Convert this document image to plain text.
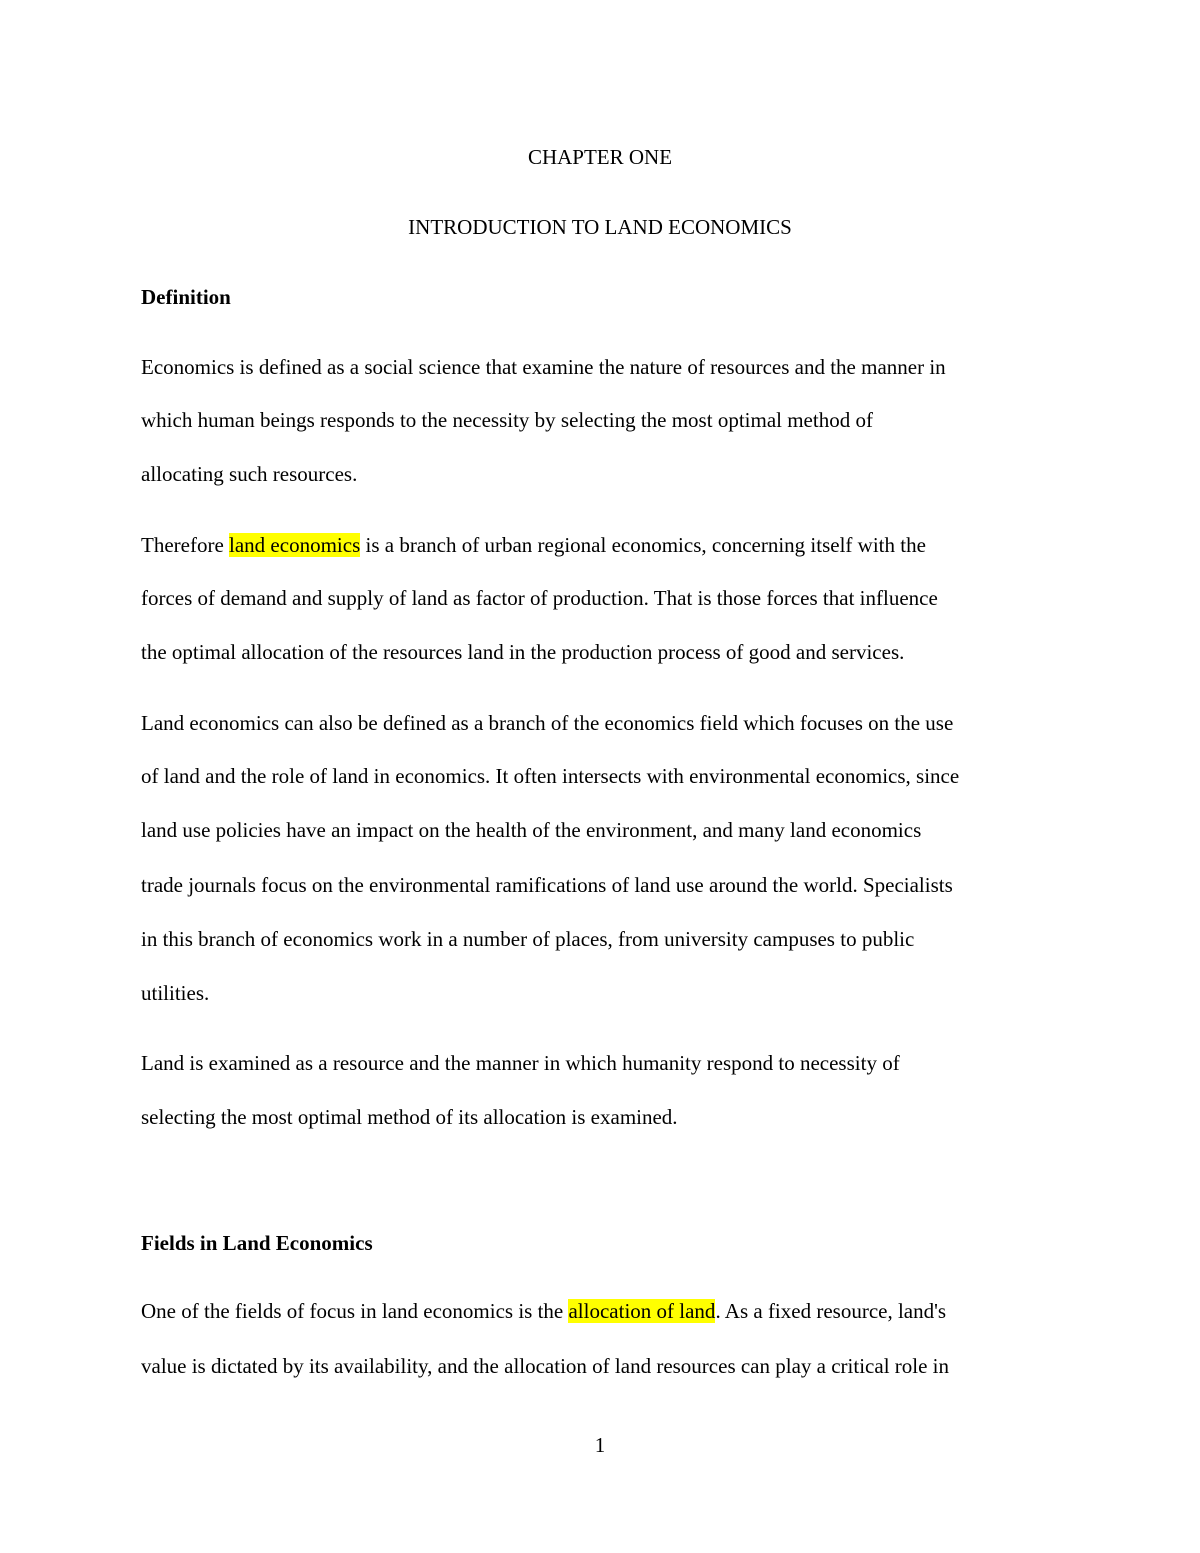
CHAPTER ONE
INTRODUCTION TO LAND ECONOMICS
Definition
Economics is defined as a social science that examine the nature of resources and the manner in
which human beings responds to the necessity by selecting the most optimal method of
allocating such resources.
Therefore land economics is a branch of urban regional economics, concerning itself with the
forces of demand and supply of land as factor of production. That is those forces that influence
the optimal allocation of the resources land in the production process of good and services.
Land economics can also be defined as a branch of the economics field which focuses on the use
of land and the role of land in economics. It often intersects with environmental economics, since
land use policies have an impact on the health of the environment, and many land economics
trade journals focus on the environmental ramifications of land use around the world. Specialists
in this branch of economics work in a number of places, from university campuses to public
utilities.
Land is examined as a resource and the manner in which humanity respond to necessity of
selecting the most optimal method of its allocation is examined.
Fields in Land Economics
One of the fields of focus in land economics is the allocation of land. As a fixed resource, land's
value is dictated by its availability, and the allocation of land resources can play a critical role in
1
